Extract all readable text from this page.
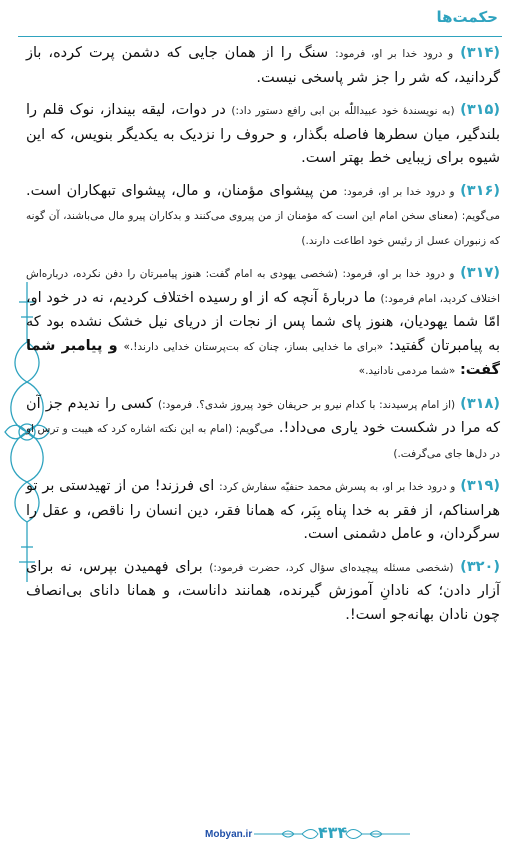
حکمت‌ها

(۳۱۴) و درود خدا بر او، فرمود: سنگ را از همان جایی که دشمن پرت کرده، باز گردانید، که شر را جز شر پاسخی نیست.

(۳۱۵) (به نویسندهٔ خود عبیداللّٰه بن ابی رافع دستور داد:) در دوات، لیقه بینداز، نوک قلم را بلندگیر، میان سطرها فاصله بگذار، و حروف را نزدیک به یکدیگر بنویس، که این شیوه برای زیبایی خط بهتر است.

(۳۱۶) و درود خدا بر او، فرمود: من پیشوای مؤمنان، و مال، پیشوای تبهکاران است. می‌گویم: (معنای سخن امام این است که مؤمنان از من پیروی می‌کنند و بدکاران پیرو مال می‌باشند، آن گونه که زنبوران عسل از رئیس خود اطاعت دارند.)

(۳۱۷) و درود خدا بر او، فرمود: (شخصی یهودی به امام گفت: هنوز پیامبرتان را دفن نکرده، درباره‌اش اختلاف کردید، امام فرمود:) ما دربارهٔ آنچه که از او رسیده اختلاف کردیم، نه در خود او، امّا شما یهودیان، هنوز پای شما پس از نجات از دریای نیل خشک نشده بود که به پیامبرتان گفتید: «برای ما خدایی بساز، چنان که بت‌پرستان خدایی دارند!.» و پیامبر شما گفت: «شما مردمی نادانید.»

(۳۱۸) (از امام پرسیدند: با کدام نیرو بر حریفان خود پیروز شدی؟. فرمود:) کسی را ندیدم جز آن که مرا در شکست خود یاری می‌داد!. می‌گویم: (امام به این نکته اشاره کرد که هیبت و ترس او در دل‌ها جای می‌گرفت.)

(۳۱۹) و درود خدا بر او، به پسرش محمد حنفیّه سفارش کرد: ای فرزند! من از تهیدستی بر تو هراسناکم، از فقر به خدا پناه بِبَر، که همانا فقر، دین انسان را ناقص، و عقل را سرگردان، و عامل دشمنی است.

(۳۲۰) (شخصی مسئله پیچیده‌ای سؤال کرد، حضرت فرمود:) برای فهمیدن بپرس، نه برای آزار دادن؛ که نادانِ آموزش گیرنده، همانند داناست، و همانا دانای بی‌انصاف چون نادان بهانه‌جو است!.

Mobyan.ir	۴۳۴
